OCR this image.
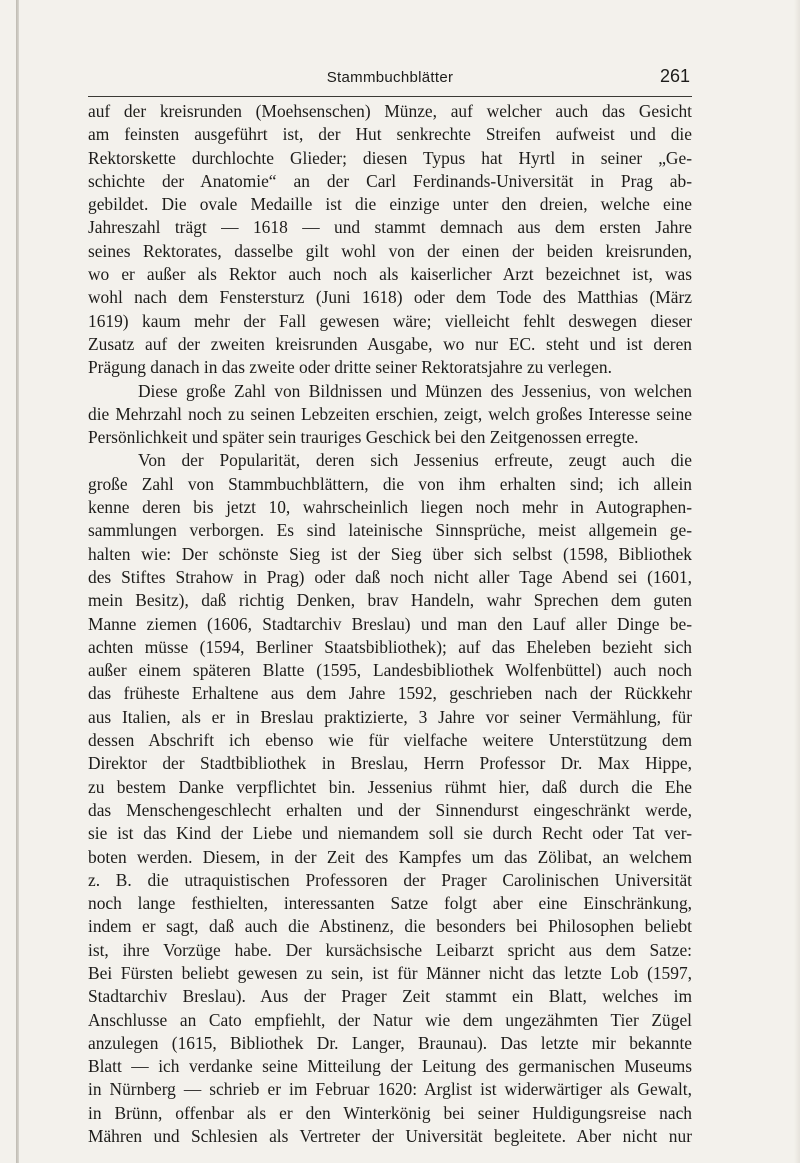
Stammbuchblätter	261
auf der kreisrunden (Moehsenschen) Münze, auf welcher auch das Gesicht
am feinsten ausgeführt ist, der Hut senkrechte Streifen aufweist und die
Rektorskette durchlochte Glieder; diesen Typus hat Hyrtl in seiner „Ge-
schichte der Anatomie“ an der Carl Ferdinands-Universität in Prag ab-
gebildet. Die ovale Medaille ist die einzige unter den dreien, welche eine
Jahreszahl trägt — 1618 — und stammt demnach aus dem ersten Jahre
seines Rektorates, dasselbe gilt wohl von der einen der beiden kreisrunden,
wo er außer als Rektor auch noch als kaiserlicher Arzt bezeichnet ist, was
wohl nach dem Fenstersturz (Juni 1618) oder dem Tode des Matthias (März
1619) kaum mehr der Fall gewesen wäre; vielleicht fehlt deswegen dieser
Zusatz auf der zweiten kreisrunden Ausgabe, wo nur EC. steht und ist deren
Prägung danach in das zweite oder dritte seiner Rektoratsjahre zu verlegen.
Diese große Zahl von Bildnissen und Münzen des Jessenius, von welchen
die Mehrzahl noch zu seinen Lebzeiten erschien, zeigt, welch großes Interesse seine
Persönlichkeit und später sein trauriges Geschick bei den Zeitgenossen erregte.
Von der Popularität, deren sich Jessenius erfreute, zeugt auch die
große Zahl von Stammbuchblättern, die von ihm erhalten sind; ich allein
kenne deren bis jetzt 10, wahrscheinlich liegen noch mehr in Autographen-
sammlungen verborgen. Es sind lateinische Sinnsprüche, meist allgemein ge-
halten wie: Der schönste Sieg ist der Sieg über sich selbst (1598, Bibliothek
des Stiftes Strahow in Prag) oder daß noch nicht aller Tage Abend sei (1601,
mein Besitz), daß richtig Denken, brav Handeln, wahr Sprechen dem guten
Manne ziemen (1606, Stadtarchiv Breslau) und man den Lauf aller Dinge be-
achten müsse (1594, Berliner Staatsbibliothek); auf das Eheleben bezieht sich
außer einem späteren Blatte (1595, Landesbibliothek Wolfenbüttel) auch noch
das früheste Erhaltene aus dem Jahre 1592, geschrieben nach der Rückkehr
aus Italien, als er in Breslau praktizierte, 3 Jahre vor seiner Vermählung, für
dessen Abschrift ich ebenso wie für vielfache weitere Unterstützung dem
Direktor der Stadtbibliothek in Breslau, Herrn Professor Dr. Max Hippe,
zu bestem Danke verpflichtet bin. Jessenius rühmt hier, daß durch die Ehe
das Menschengeschlecht erhalten und der Sinnendurst eingeschränkt werde,
sie ist das Kind der Liebe und niemandem soll sie durch Recht oder Tat ver-
boten werden. Diesem, in der Zeit des Kampfes um das Zölibat, an welchem
z. B. die utraquistischen Professoren der Prager Carolinischen Universität
noch lange festhielten, interessanten Satze folgt aber eine Einschränkung,
indem er sagt, daß auch die Abstinenz, die besonders bei Philosophen beliebt
ist, ihre Vorzüge habe. Der kursächsische Leibarzt spricht aus dem Satze:
Bei Fürsten beliebt gewesen zu sein, ist für Männer nicht das letzte Lob (1597,
Stadtarchiv Breslau). Aus der Prager Zeit stammt ein Blatt, welches im
Anschlusse an Cato empfiehlt, der Natur wie dem ungezähmten Tier Zügel
anzulegen (1615, Bibliothek Dr. Langer, Braunau). Das letzte mir bekannte
Blatt — ich verdanke seine Mitteilung der Leitung des germanischen Museums
in Nürnberg — schrieb er im Februar 1620: Arglist ist widerwärtiger als Gewalt,
in Brünn, offenbar als er den Winterkönig bei seiner Huldigungsreise nach
Mähren und Schlesien als Vertreter der Universität begleitete. Aber nicht nur
